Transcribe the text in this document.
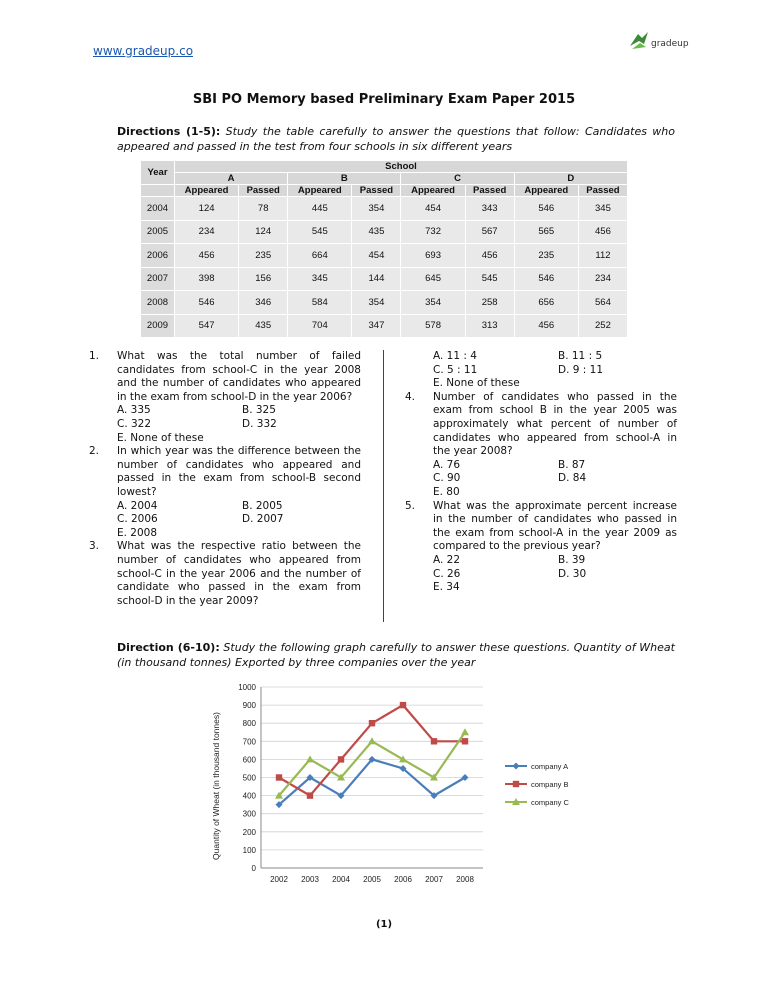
www.gradeup.co	gradeup
SBI PO Memory based Preliminary Exam Paper 2015
Directions (1-5): Study the table carefully to answer the questions that follow: Candidates who appeared and passed in the test from four schools in six different years
Year	School							
	A		B		C		D	
	Appeared	Passed	Appeared	Passed	Appeared	Passed	Appeared	Passed
2004	124	78	445	354	454	343	546	345
2005	234	124	545	435	732	567	565	456
2006	456	235	664	454	693	456	235	112
2007	398	156	345	144	645	545	546	234
2008	546	346	584	354	354	258	656	564
2009	547	435	704	347	578	313	456	252
1. What was the total number of failed candidates from school-C in the year 2008 and the number of candidates who appeared in the exam from school-D in the year 2006?
A. 335	B. 325
C. 322	D. 332
E. None of these
2. In which year was the difference between the number of candidates who appeared and passed in the exam from school-B second lowest?
A. 2004	B. 2005
C. 2006	D. 2007
E. 2008
3. What was the respective ratio between the number of candidates who appeared from school-C in the year 2006 and the number of candidate who passed in the exam from school-D in the year 2009?
A. 11 : 4	B. 11 : 5
C. 5 : 11	D. 9 : 11
E. None of these
4. Number of candidates who passed in the exam from school B in the year 2005 was approximately what percent of number of candidates who appeared from school-A in the year 2008?
A. 76	B. 87
C. 90	D. 84
E. 80
5. What was the approximate percent increase in the number of candidates who passed in the exam from school-A in the year 2009 as compared to the previous year?
A. 22	B. 39
C. 26	D. 30
E. 34
Direction (6-10): Study the following graph carefully to answer these questions. Quantity of Wheat (in thousand tonnes) Exported by three companies over the year
0
100
200
300
400
500
600
700
800
900
1000
2002 2003 2004 2005 2006 2007 2008
company A
company B
company C
Quantity of Wheat (in thousand tonnes)
(1)
